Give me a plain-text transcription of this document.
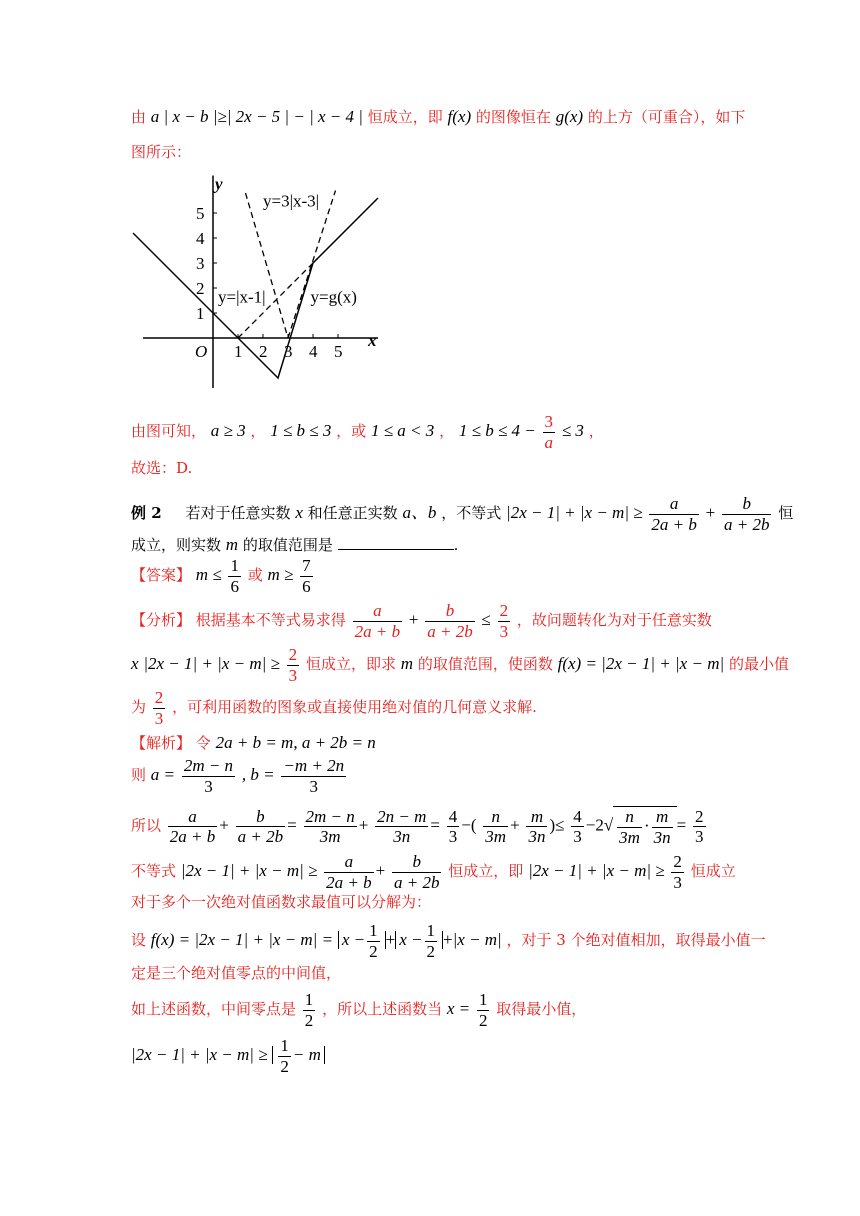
由 a | x − b |≥| 2x − 5 | − | x − 4 | 恒成立，即 f(x) 的图像恒在 g(x) 的上方（可重合），如下
图所示：
1
2
3
4
5
1 2 3 4 5
O
y
x
y=3|x-3|
y=|x-1|	y=g(x)
由图可知， a ≥ 3 ， 1 ≤ b ≤ 3 ，或 1 ≤ a < 3 ， $1 \le b \le 4 - \frac{3}{a} \le 3$ ，
故选：D.
例 2 若对于任意实数 x 和任意正实数 a、b ，不等式 $|2x - 1| + |x - m| \ge \frac{a}{2a + b} + \frac{b}{a + 2b}$ 恒
成立，则实数 m 的取值范围是	.
【答案】 $m \le \frac{1}{6}$ 或 $m \ge \frac{7}{6}$
【分析】 根据基本不等式易求得 $\frac{a}{2a + b} + \frac{b}{a + 2b} \le \frac{2}{3}$ ，故问题转化为对于任意实数
x $|2x - 1| + |x - m| \ge \frac{2}{3}$ 恒成立，即求 m 的取值范围，使函数 f(x) = |2x − 1| + |x − m| 的最小值
为 $\frac{2}{3}$ ，可利用函数的图象或直接使用绝对值的几何意义求解.
【解析】 令 2a + b = m, a + 2b = n
则 $a = \frac{2m - n}{3}$ , $b = \frac{-m + 2n}{3}$
所以 $\frac{a}{2a + b} + \frac{b}{a + 2b} = \frac{2m - n}{3m} + \frac{2n - m}{3n} = \frac{4}{3}$ −( $\frac{n}{3m} + \frac{m}{3n}$ )≤ $\frac{4}{3} -2√ \frac{n}{3m} \cdot \frac{m}{3n} = \frac{2}{3}$
不等式 $|2x - 1| + |x - m| \ge \frac{a}{2a + b} + \frac{b}{a + 2b}$ 恒成立，即 $|2x - 1| + |x - m| \ge \frac{2}{3}$ 恒成立
对于多个一次绝对值函数求最值可以分解为：
设 $f(x) = |2x - 1| + |x - m| = x - \frac{1}{2} + x - \frac{1}{2} +|x - m|$ ，对于 3 个绝对值相加，取得最小值一
定是三个绝对值零点的中间值，
如上述函数，中间零点是 $\frac{1}{2}$ ，所以上述函数当 $x = \frac{1}{2}$ 取得最小值，
$|2x - 1| + |x - m| \ge \frac{1}{2} - m$
